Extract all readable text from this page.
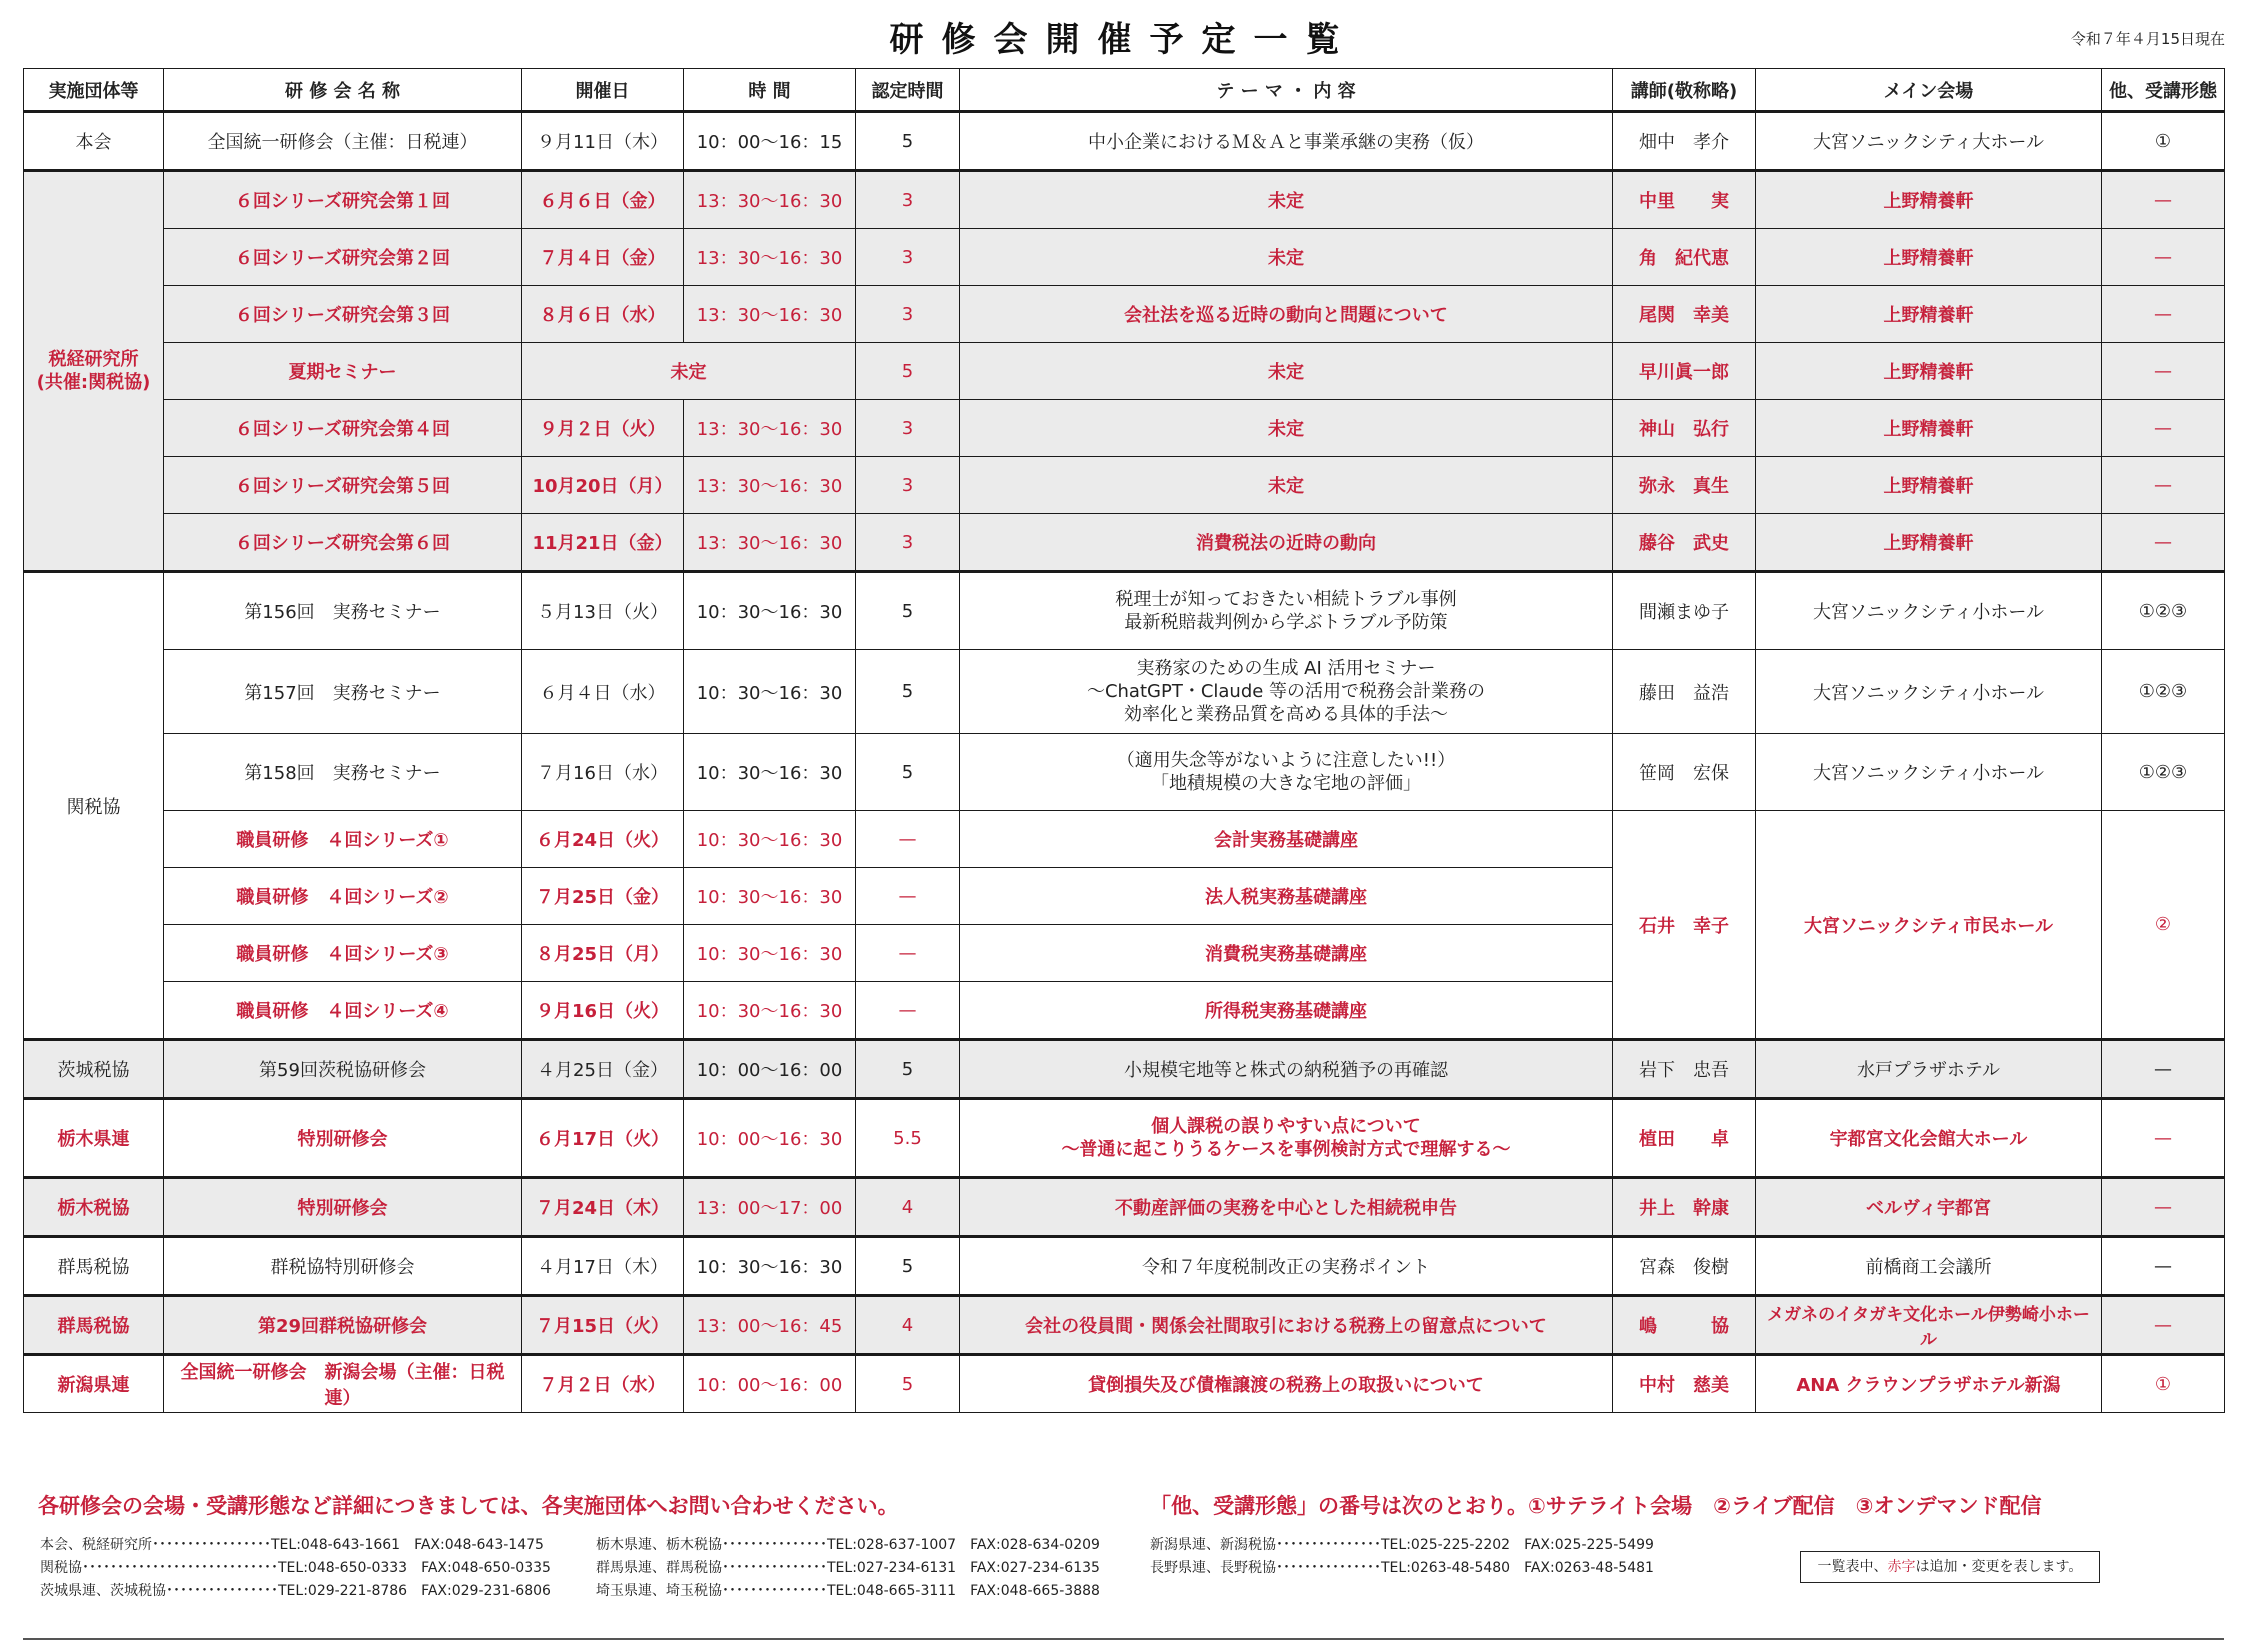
研修会開催予定一覧	令和７年４月15日現在
実施団体等	研 修 会 名 称	開催日	時 間	認定時間	テ ー マ ・ 内 容	講師(敬称略)	メイン会場	他、受講形態
本会	全国統一研修会（主催：日税連）	９月11日（木）	10：00～16：15	5	中小企業におけるＭ＆Ａと事業承継の実務（仮）	畑中　孝介	大宮ソニックシティ大ホール	①
税経研究所
(共催:関税協)	６回シリーズ研究会第１回	６月６日（金）	13：30～16：30	3	未定	中里　　実	上野精養軒	—
	６回シリーズ研究会第２回	７月４日（金）	13：30～16：30	3	未定	角　紀代恵	上野精養軒	—
	６回シリーズ研究会第３回	８月６日（水）	13：30～16：30	3	会社法を巡る近時の動向と問題について	尾関　幸美	上野精養軒	—
	夏期セミナー	未定		5	未定	早川眞一郎	上野精養軒	—
	６回シリーズ研究会第４回	９月２日（火）	13：30～16：30	3	未定	神山　弘行	上野精養軒	—
	６回シリーズ研究会第５回	10月20日（月）	13：30～16：30	3	未定	弥永　真生	上野精養軒	—
	６回シリーズ研究会第６回	11月21日（金）	13：30～16：30	3	消費税法の近時の動向	藤谷　武史	上野精養軒	—
関税協	第156回　実務セミナー	５月13日（火）	10：30～16：30	5	税理士が知っておきたい相続トラブル事例
最新税賠裁判例から学ぶトラブル予防策	間瀬まゆ子	大宮ソニックシティ小ホール	①②③
	第157回　実務セミナー	６月４日（水）	10：30～16：30	5	実務家のための生成 AI 活用セミナー
～ChatGPT・Claude 等の活用で税務会計業務の
効率化と業務品質を高める具体的手法～	藤田　益浩	大宮ソニックシティ小ホール	①②③
	第158回　実務セミナー	７月16日（水）	10：30～16：30	5	（適用失念等がないように注意したい!!）
「地積規模の大きな宅地の評価」	笹岡　宏保	大宮ソニックシティ小ホール	①②③
	職員研修　４回シリーズ①	６月24日（火）	10：30～16：30	—	会計実務基礎講座	石井　幸子	大宮ソニックシティ市民ホール	②
	職員研修　４回シリーズ②	７月25日（金）	10：30～16：30	—	法人税実務基礎講座			
	職員研修　４回シリーズ③	８月25日（月）	10：30～16：30	—	消費税実務基礎講座			
	職員研修　４回シリーズ④	９月16日（火）	10：30～16：30	—	所得税実務基礎講座			
茨城税協	第59回茨税協研修会	４月25日（金）	10：00～16：00	5	小規模宅地等と株式の納税猶予の再確認	岩下　忠吾	水戸プラザホテル	—
栃木県連	特別研修会	６月17日（火）	10：00～16：30	5.5	個人課税の誤りやすい点について
～普通に起こりうるケースを事例検討方式で理解する～	植田　　卓	宇都宮文化会館大ホール	—
栃木税協	特別研修会	７月24日（木）	13：00～17：00	4	不動産評価の実務を中心とした相続税申告	井上　幹康	ベルヴィ宇都宮	—
群馬税協	群税協特別研修会	４月17日（木）	10：30～16：30	5	令和７年度税制改正の実務ポイント	宮森　俊樹	前橋商工会議所	—
群馬税協	第29回群税協研修会	７月15日（火）	13：00～16：45	4	会社の役員間・関係会社間取引における税務上の留意点について	嶋　　　協	メガネのイタガキ文化ホール伊勢崎小ホール	—
新潟県連	全国統一研修会　新潟会場（主催：日税連）	７月２日（水）	10：00～16：00	5	貸倒損失及び債権譲渡の税務上の取扱いについて	中村　慈美	ANA クラウンプラザホテル新潟	①
各研修会の会場・受講形態など詳細につきましては、各実施団体へお問い合わせください。	「他、受講形態」の番号は次のとおり。①サテライト会場　②ライブ配信　③オンデマンド配信
本会、税経研究所･････････････････TEL:048-643-1661　FAX:048-643-1475
関税協････････････････････････････TEL:048-650-0333　FAX:048-650-0335
茨城県連、茨城税協････････････････TEL:029-221-8786　FAX:029-231-6806
栃木県連、栃木税協･･･････････････TEL:028-637-1007　FAX:028-634-0209
群馬県連、群馬税協･･･････････････TEL:027-234-6131　FAX:027-234-6135
埼玉県連、埼玉税協･･･････････････TEL:048-665-3111　FAX:048-665-3888
新潟県連、新潟税協･･･････････････TEL:025-225-2202　FAX:025-225-5499
長野県連、長野税協･･･････････････TEL:0263-48-5480　FAX:0263-48-5481	一覧表中、赤字は追加・変更を表します。
